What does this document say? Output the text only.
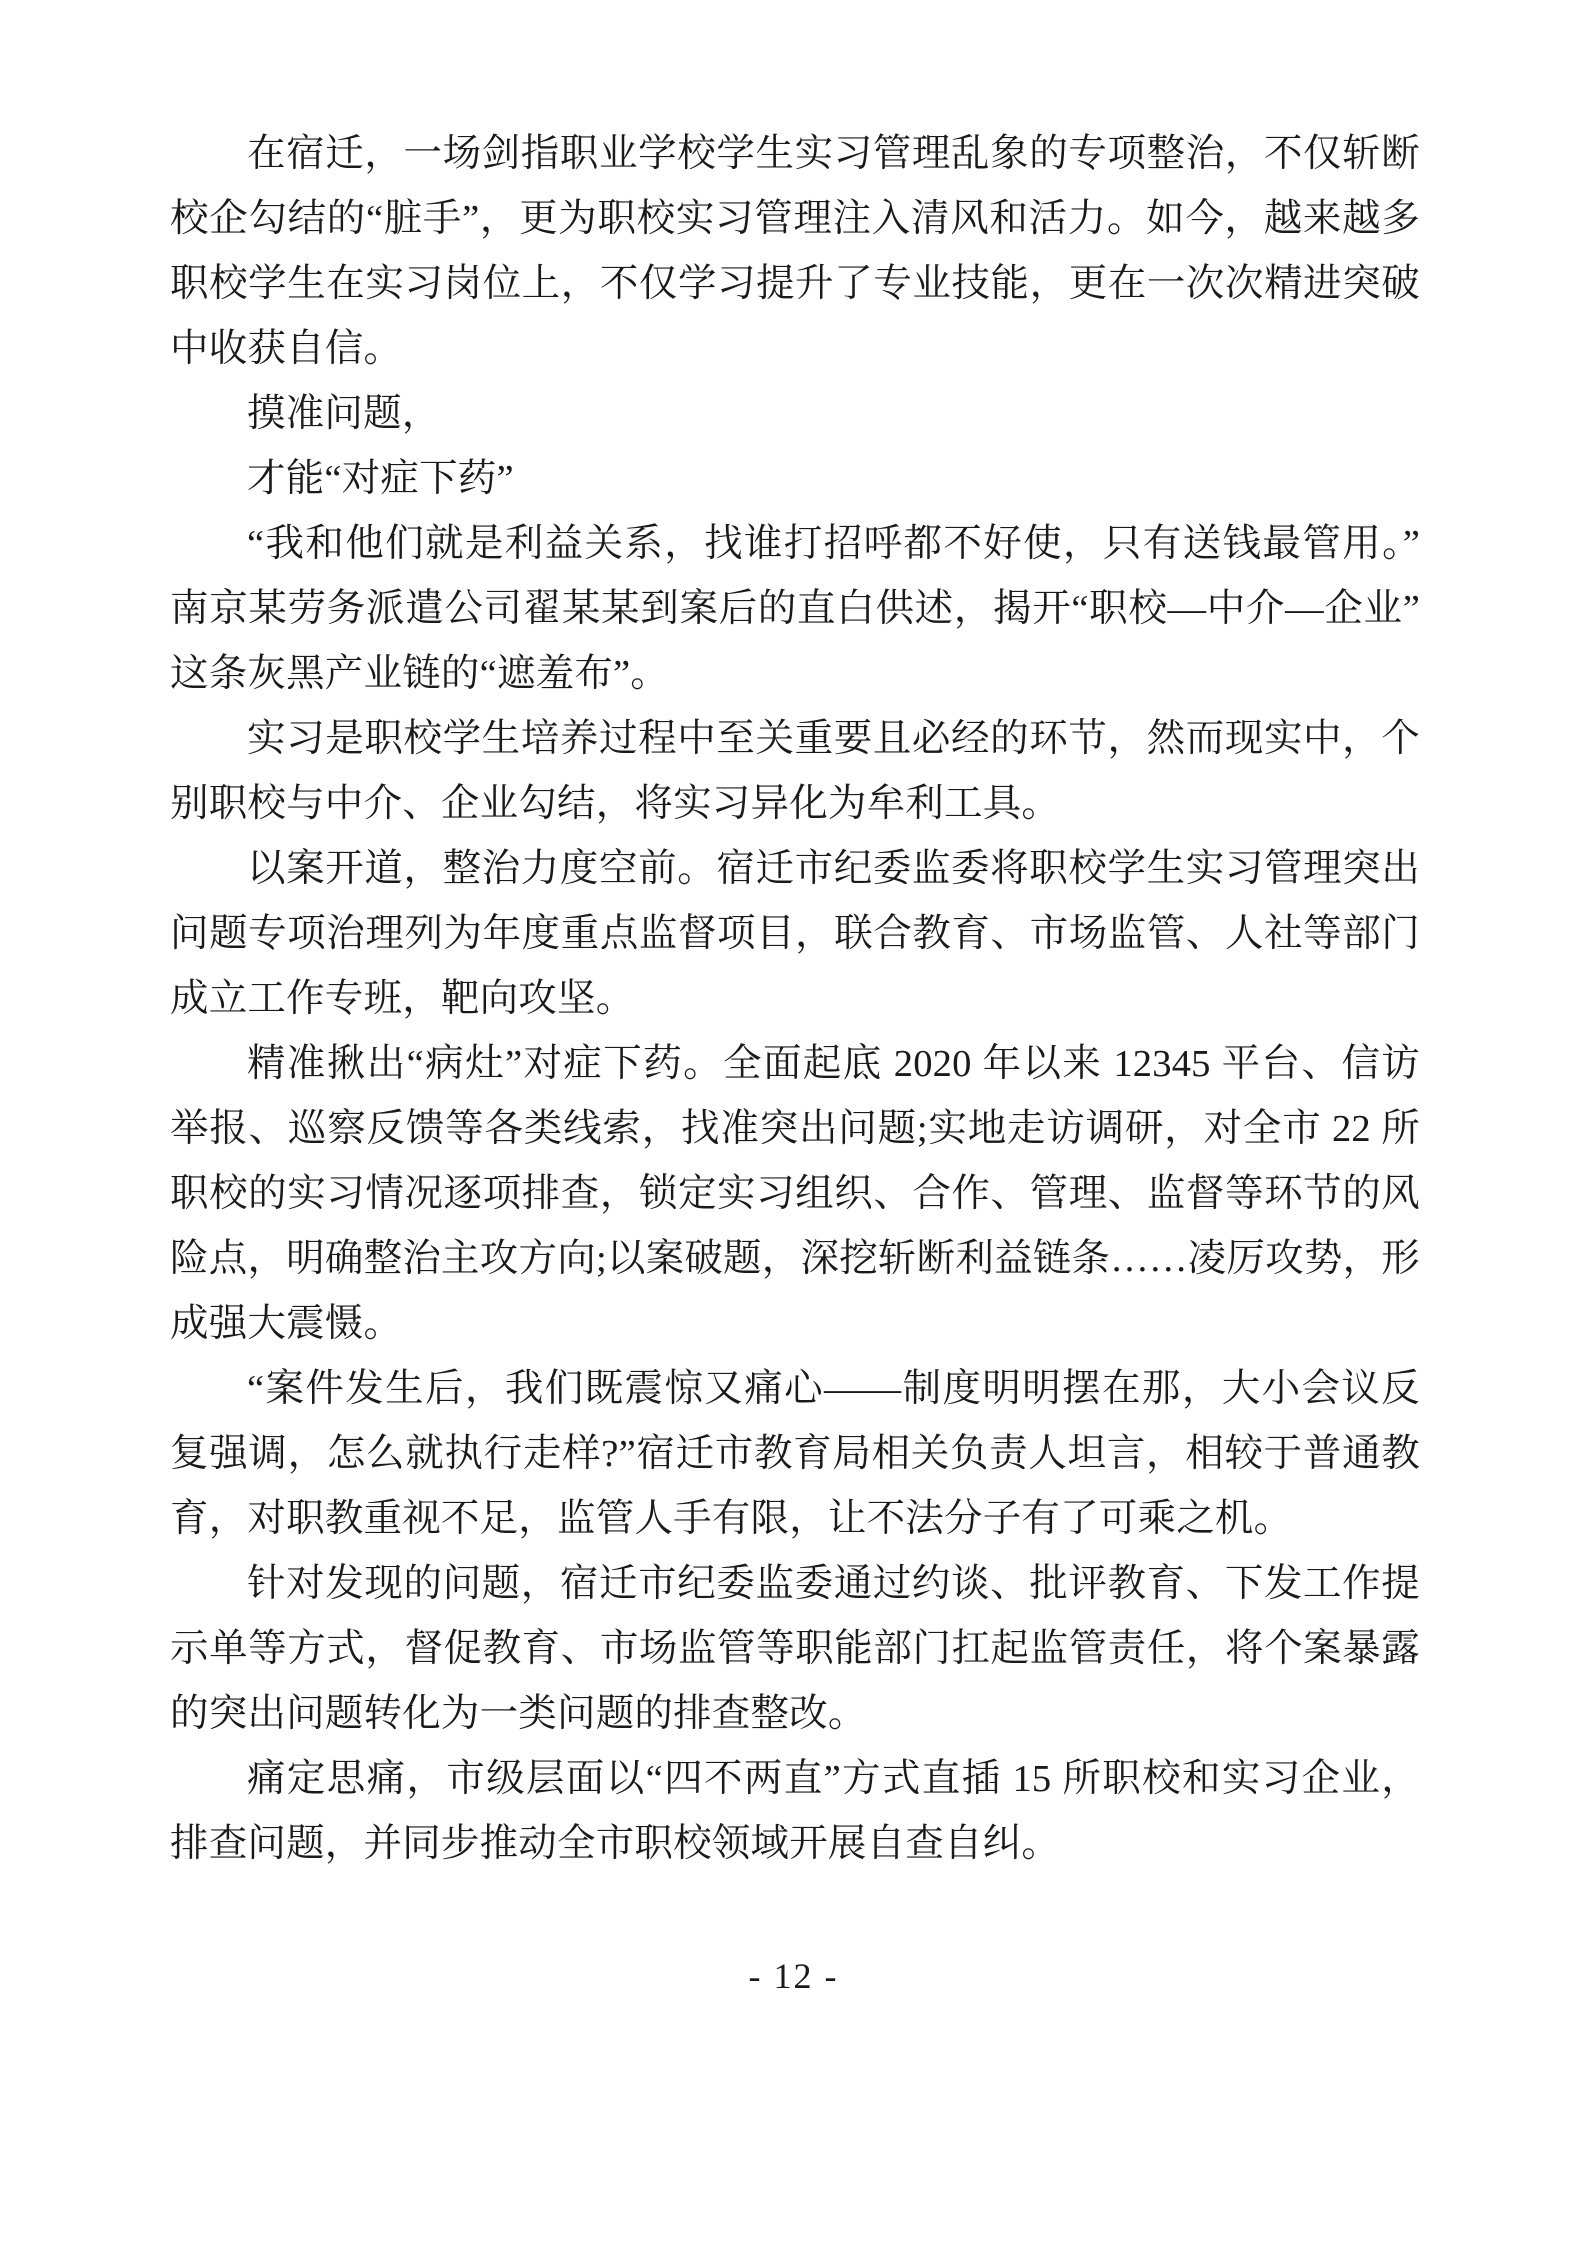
在宿迁，一场剑指职业学校学生实习管理乱象的专项整治，不仅斩断校企勾结的“脏手”，更为职校实习管理注入清风和活力。如今，越来越多职校学生在实习岗位上，不仅学习提升了专业技能，更在一次次精进突破中收获自信。

摸准问题，

才能“对症下药”

“我和他们就是利益关系，找谁打招呼都不好使，只有送钱最管用。”南京某劳务派遣公司翟某某到案后的直白供述，揭开“职校—中介—企业”这条灰黑产业链的“遮羞布”。

实习是职校学生培养过程中至关重要且必经的环节，然而现实中，个别职校与中介、企业勾结，将实习异化为牟利工具。

以案开道，整治力度空前。宿迁市纪委监委将职校学生实习管理突出问题专项治理列为年度重点监督项目，联合教育、市场监管、人社等部门成立工作专班，靶向攻坚。

精准揪出“病灶”对症下药。全面起底 2020 年以来 12345 平台、信访举报、巡察反馈等各类线索，找准突出问题;实地走访调研，对全市 22 所职校的实习情况逐项排查，锁定实习组织、合作、管理、监督等环节的风险点，明确整治主攻方向;以案破题，深挖斩断利益链条……凌厉攻势，形成强大震慑。

“案件发生后，我们既震惊又痛心——制度明明摆在那，大小会议反复强调，怎么就执行走样?”宿迁市教育局相关负责人坦言，相较于普通教育，对职教重视不足，监管人手有限，让不法分子有了可乘之机。

针对发现的问题，宿迁市纪委监委通过约谈、批评教育、下发工作提示单等方式，督促教育、市场监管等职能部门扛起监管责任，将个案暴露的突出问题转化为一类问题的排查整改。

痛定思痛，市级层面以“四不两直”方式直插 15 所职校和实习企业，排查问题，并同步推动全市职校领域开展自查自纠。

- 12 -
